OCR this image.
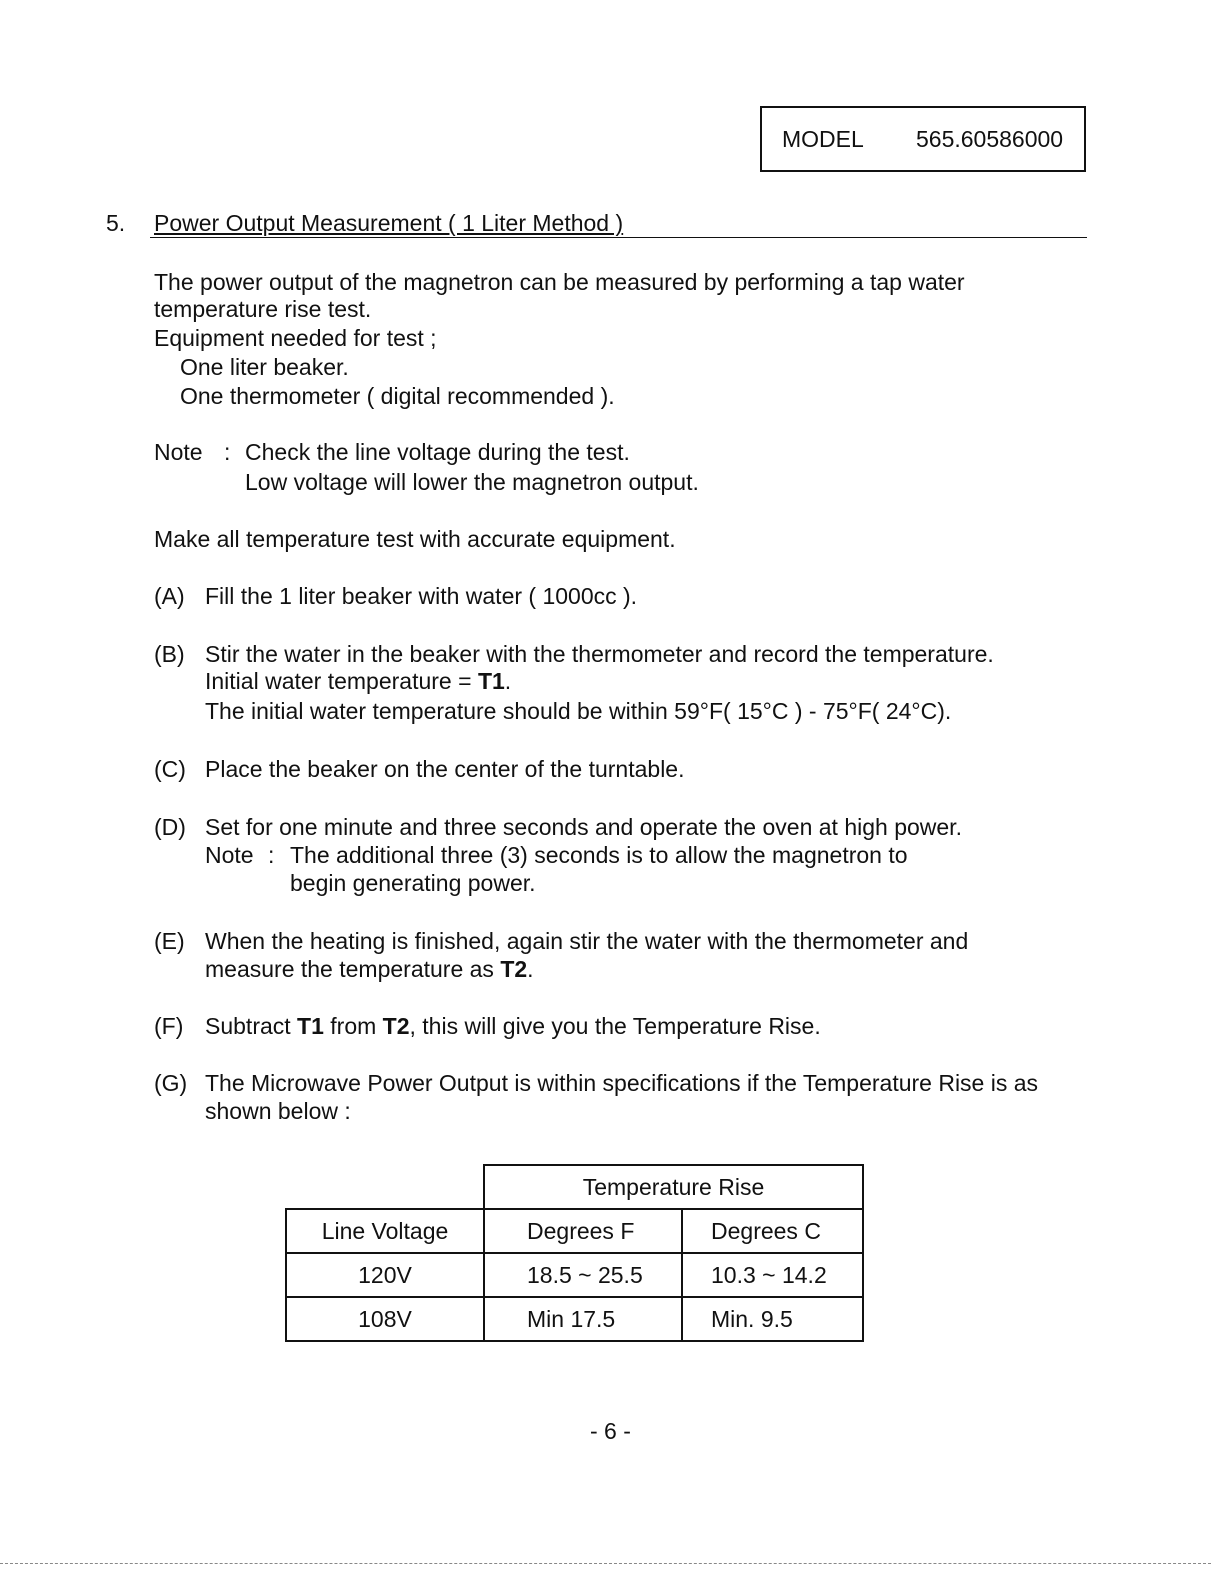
MODEL 565.60586000
5. Power Output Measurement ( 1 Liter Method )
The power output of the magnetron can be measured by performing a tap water
temperature rise test.
Equipment needed for test ;
One liter beaker.
One thermometer ( digital recommended ).
Note : Check the line voltage during the test.
Low voltage will lower the magnetron output.
Make all temperature test with accurate equipment.
(A) Fill the 1 liter beaker with water ( 1000cc ).
(B) Stir the water in the beaker with the thermometer and record the temperature.
Initial water temperature = T1.
The initial water temperature should be within 59°F( 15°C ) - 75°F( 24°C).
(C) Place the beaker on the center of the turntable.
(D) Set for one minute and three seconds and operate the oven at high power.
Note : The additional three (3) seconds is to allow the magnetron to
begin generating power.
(E) When the heating is finished, again stir the water with the thermometer and
measure the temperature as T2.
(F) Subtract T1 from T2, this will give you the Temperature Rise.
(G) The Microwave Power Output is within specifications if the Temperature Rise is as
shown below :
	Temperature Rise	
Line Voltage	Degrees F	Degrees C
120V	18.5 ~ 25.5	10.3 ~ 14.2
108V	Min 17.5	Min. 9.5
- 6 -
